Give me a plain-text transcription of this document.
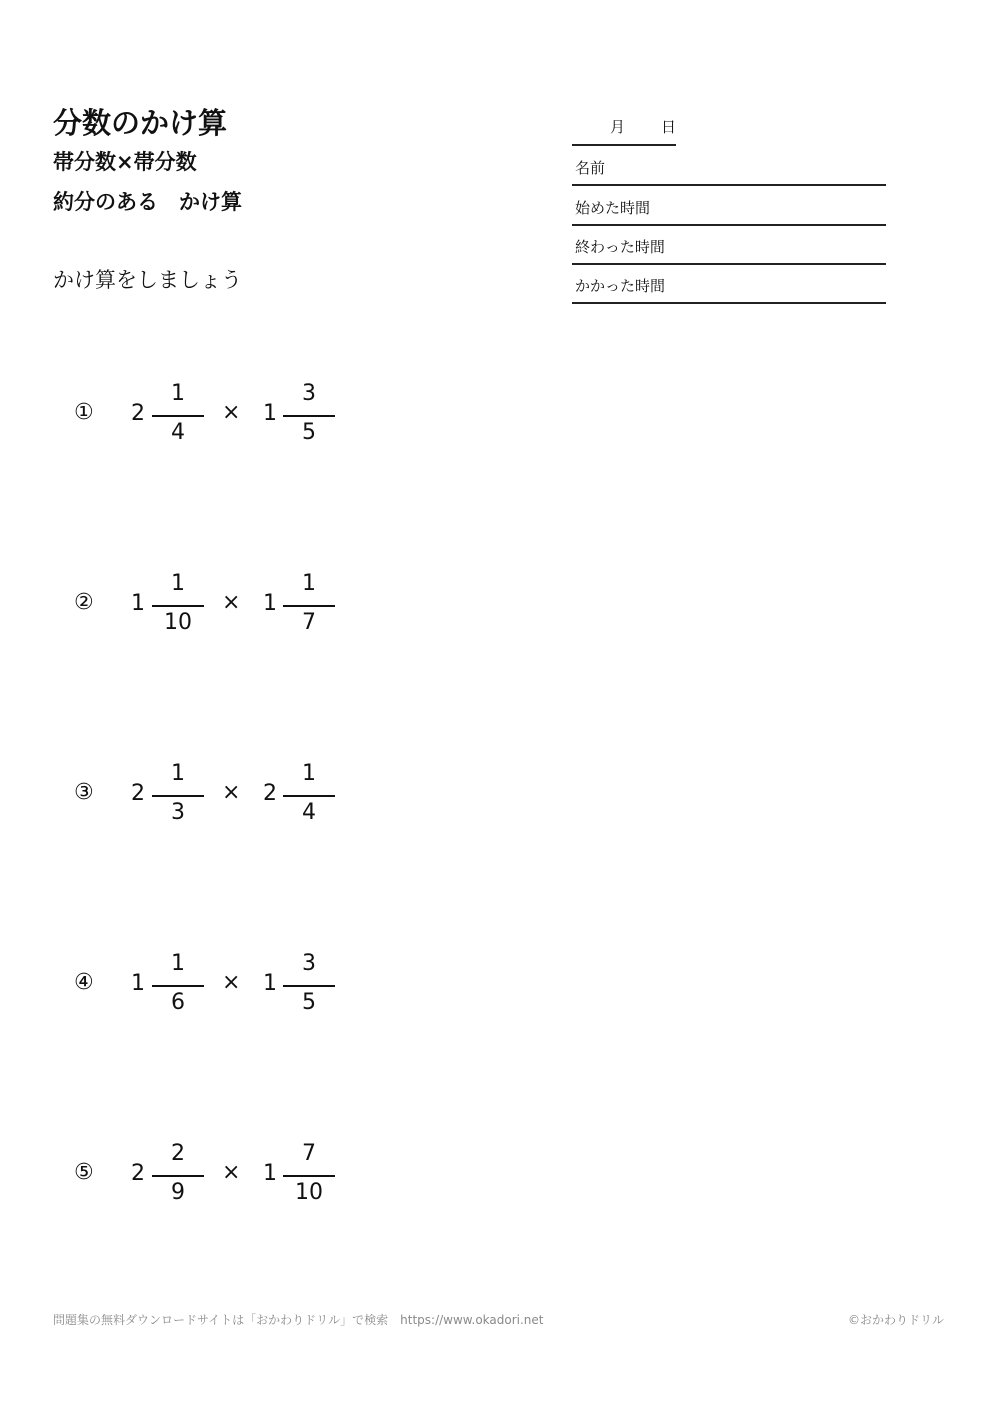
分数のかけ算
帯分数×帯分数
約分のある　かけ算
かけ算をしましょう
月 日
名前
始めた時間
終わった時間
かかった時間
① 2
1
4
× 1
3
5
② 1
1
10
× 1
1
7
③ 2
1
3
× 2
1
4
④ 1
1
6
× 1
3
5
⑤ 2
2
9
× 1
7
10
問題集の無料ダウンロードサイトは「おかわりドリル」で検索　https://www.okadori.net	©おかわりドリル
